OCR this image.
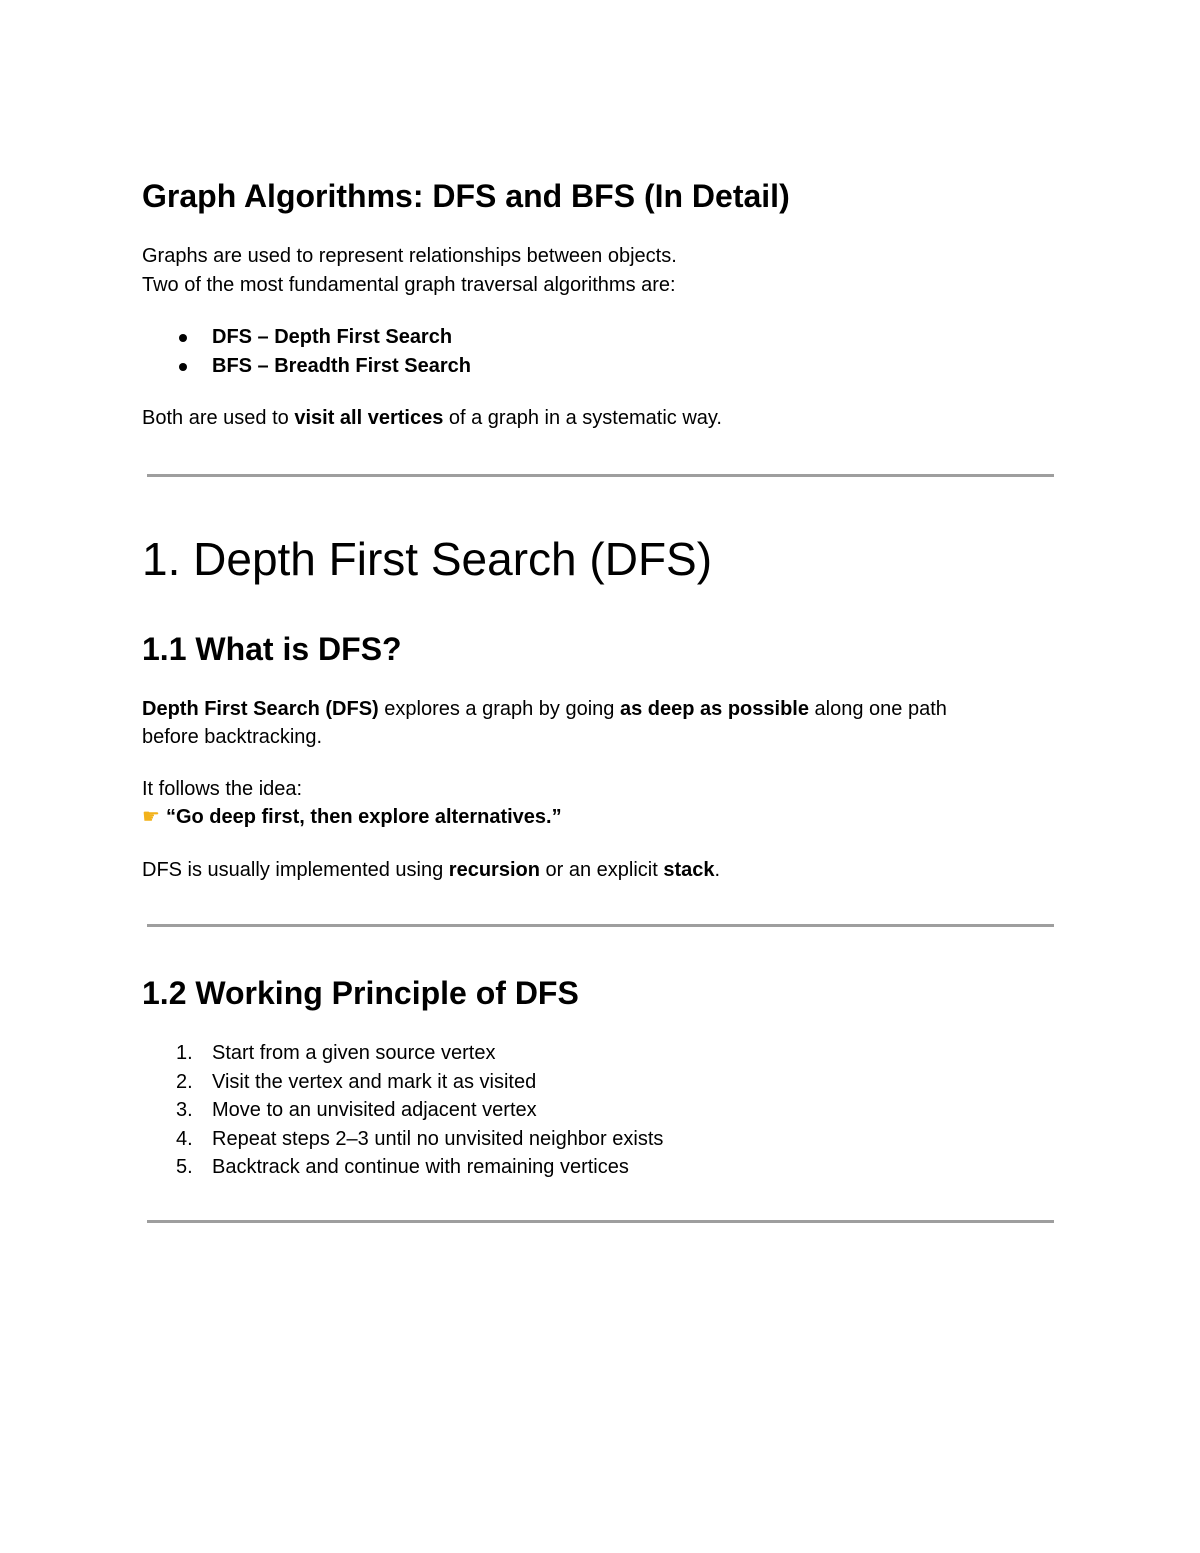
Graph Algorithms: DFS and BFS (In Detail)

Graphs are used to represent relationships between objects.

Two of the most fundamental graph traversal algorithms are:

DFS – Depth First Search
BFS – Breadth First Search

Both are used to visit all vertices of a graph in a systematic way.

1. Depth First Search (DFS)
1.1 What is DFS?

Depth First Search (DFS) explores a graph by going as deep as possible along one path

before backtracking.

It follows the idea:

☛ “Go deep first, then explore alternatives.”

DFS is usually implemented using recursion or an explicit stack.

1.2 Working Principle of DFS
1. Start from a given source vertex
2. Visit the vertex and mark it as visited
3. Move to an unvisited adjacent vertex
4. Repeat steps 2–3 until no unvisited neighbor exists
5. Backtrack and continue with remaining vertices
